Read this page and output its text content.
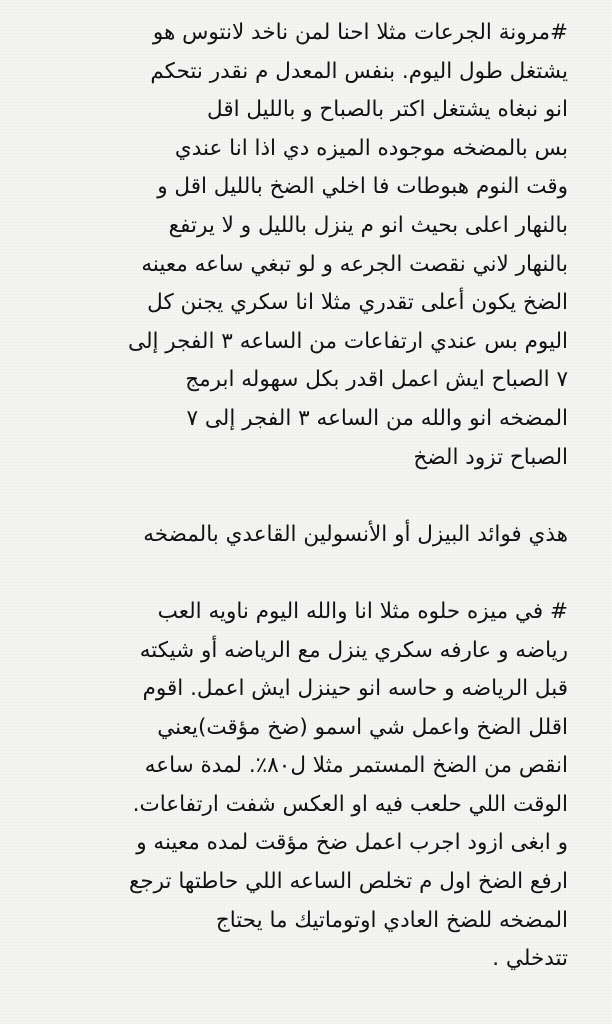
#مرونة الجرعات مثلا احنا لمن ناخد لانتوس هو
يشتغل طول اليوم. بنفس المعدل م نقدر نتحكم
انو نبغاه يشتغل اكتر بالصباح و بالليل اقل
بس بالمضخه موجوده الميزه دي اذا انا عندي
وقت النوم هبوطات فا اخلي الضخ بالليل اقل و
بالنهار اعلى بحيث انو م ينزل بالليل و لا يرتفع
بالنهار لاني نقصت الجرعه و لو تبغي ساعه معينه
الضخ يكون أعلى تقدري مثلا انا سكري يجنن كل
اليوم بس عندي ارتفاعات من الساعه ٣ الفجر إلى
٧ الصباح ايش اعمل اقدر بكل سهوله ابرمج
المضخه انو والله من الساعه ٣ الفجر إلى ٧
الصباح تزود الضخ
هذي فوائد البيزل أو الأنسولين القاعدي بالمضخه
# في ميزه حلوه مثلا انا والله اليوم ناويه العب
رياضه و عارفه سكري ينزل مع الرياضه أو شيكته
قبل الرياضه و حاسه انو حينزل ايش اعمل. اقوم
اقلل الضخ واعمل شي اسمو (ضخ مؤقت)يعني
انقص من الضخ المستمر مثلا ل٨٠٪. لمدة ساعه
الوقت اللي حلعب فيه او العكس شفت ارتفاعات.
و ابغى ازود اجرب اعمل ضخ مؤقت لمده معينه و
ارفع الضخ اول م تخلص الساعه اللي حاطتها ترجع
المضخه للضخ العادي اوتوماتيك ما يحتاج
تتدخلي .
